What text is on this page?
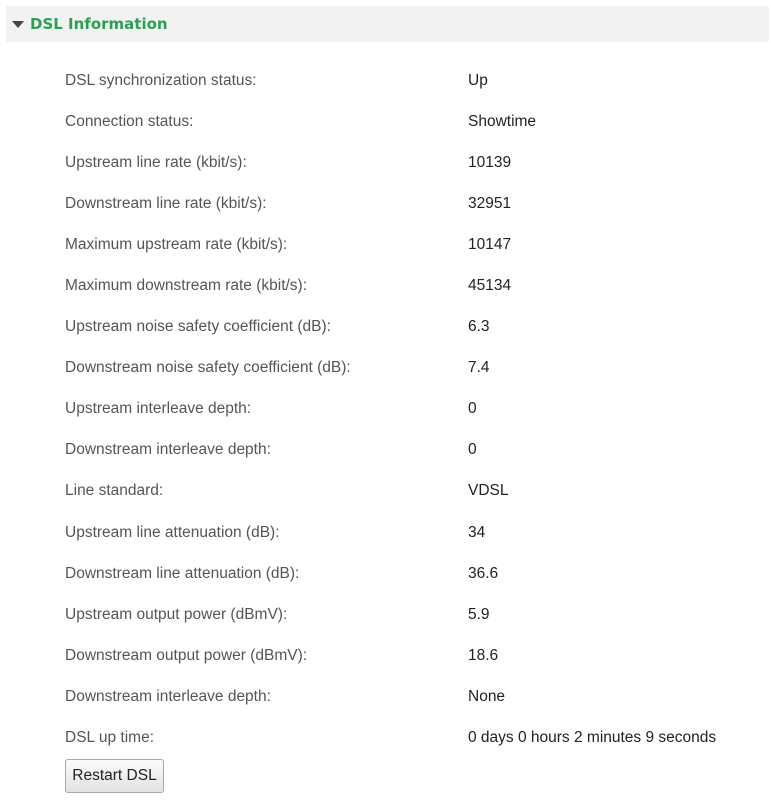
DSL Information
DSL synchronization status:	Up
Connection status:	Showtime
Upstream line rate (kbit/s):	10139
Downstream line rate (kbit/s):	32951
Maximum upstream rate (kbit/s):	10147
Maximum downstream rate (kbit/s):	45134
Upstream noise safety coefficient (dB):	6.3
Downstream noise safety coefficient (dB):	7.4
Upstream interleave depth:	0
Downstream interleave depth:	0
Line standard:	VDSL
Upstream line attenuation (dB):	34
Downstream line attenuation (dB):	36.6
Upstream output power (dBmV):	5.9
Downstream output power (dBmV):	18.6
Downstream interleave depth:	None
DSL up time:	0 days 0 hours 2 minutes 9 seconds
Restart DSL
